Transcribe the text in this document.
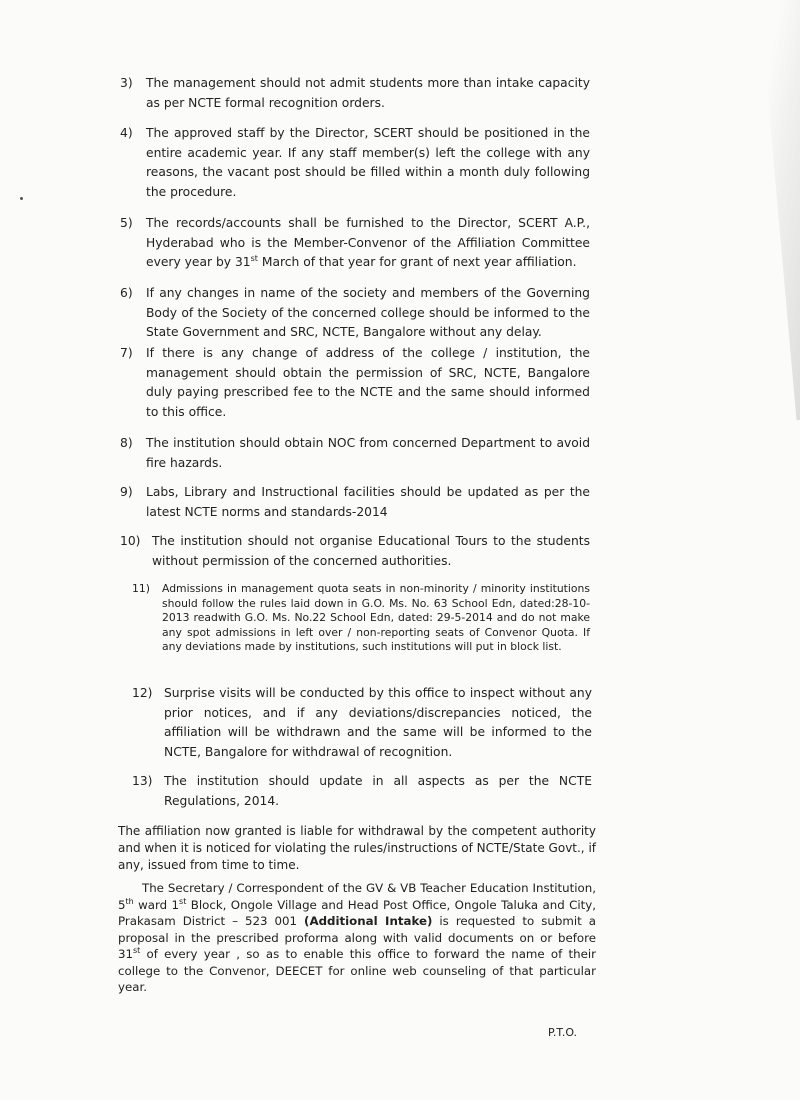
3) The management should not admit students more than intake capacity as per NCTE formal recognition orders.
4) The approved staff by the Director, SCERT should be positioned in the entire academic year. If any staff member(s) left the college with any reasons, the vacant post should be filled within a month duly following the procedure.
5) The records/accounts shall be furnished to the Director, SCERT A.P., Hyderabad who is the Member-Convenor of the Affiliation Committee every year by 31st March of that year for grant of next year affiliation.
6) If any changes in name of the society and members of the Governing Body of the Society of the concerned college should be informed to the State Government and SRC, NCTE, Bangalore without any delay.
7) If there is any change of address of the college / institution, the management should obtain the permission of SRC, NCTE, Bangalore duly paying prescribed fee to the NCTE and the same should informed to this office.
8) The institution should obtain NOC from concerned Department to avoid fire hazards.
9) Labs, Library and Instructional facilities should be updated as per the latest NCTE norms and standards-2014
10) The institution should not organise Educational Tours to the students without permission of the concerned authorities.
11) Admissions in management quota seats in non-minority / minority institutions should follow the rules laid down in G.O. Ms. No. 63 School Edn, dated:28-10-2013 readwith G.O. Ms. No.22 School Edn, dated: 29-5-2014 and do not make any spot admissions in left over / non-reporting seats of Convenor Quota. If any deviations made by institutions, such institutions will put in block list.
12) Surprise visits will be conducted by this office to inspect without any prior notices, and if any deviations/discrepancies noticed, the affiliation will be withdrawn and the same will be informed to the NCTE, Bangalore for withdrawal of recognition.
13) The institution should update in all aspects as per the NCTE Regulations, 2014.
The affiliation now granted is liable for withdrawal by the competent authority and when it is noticed for violating the rules/instructions of NCTE/State Govt., if any, issued from time to time.
The Secretary / Correspondent of the GV & VB Teacher Education Institution, 5th ward 1st Block, Ongole Village and Head Post Office, Ongole Taluka and City, Prakasam District – 523 001 (Additional Intake) is requested to submit a proposal in the prescribed proforma along with valid documents on or before 31st of every year , so as to enable this office to forward the name of their college to the Convenor, DEECET for online web counseling of that particular year.
P.T.O.
